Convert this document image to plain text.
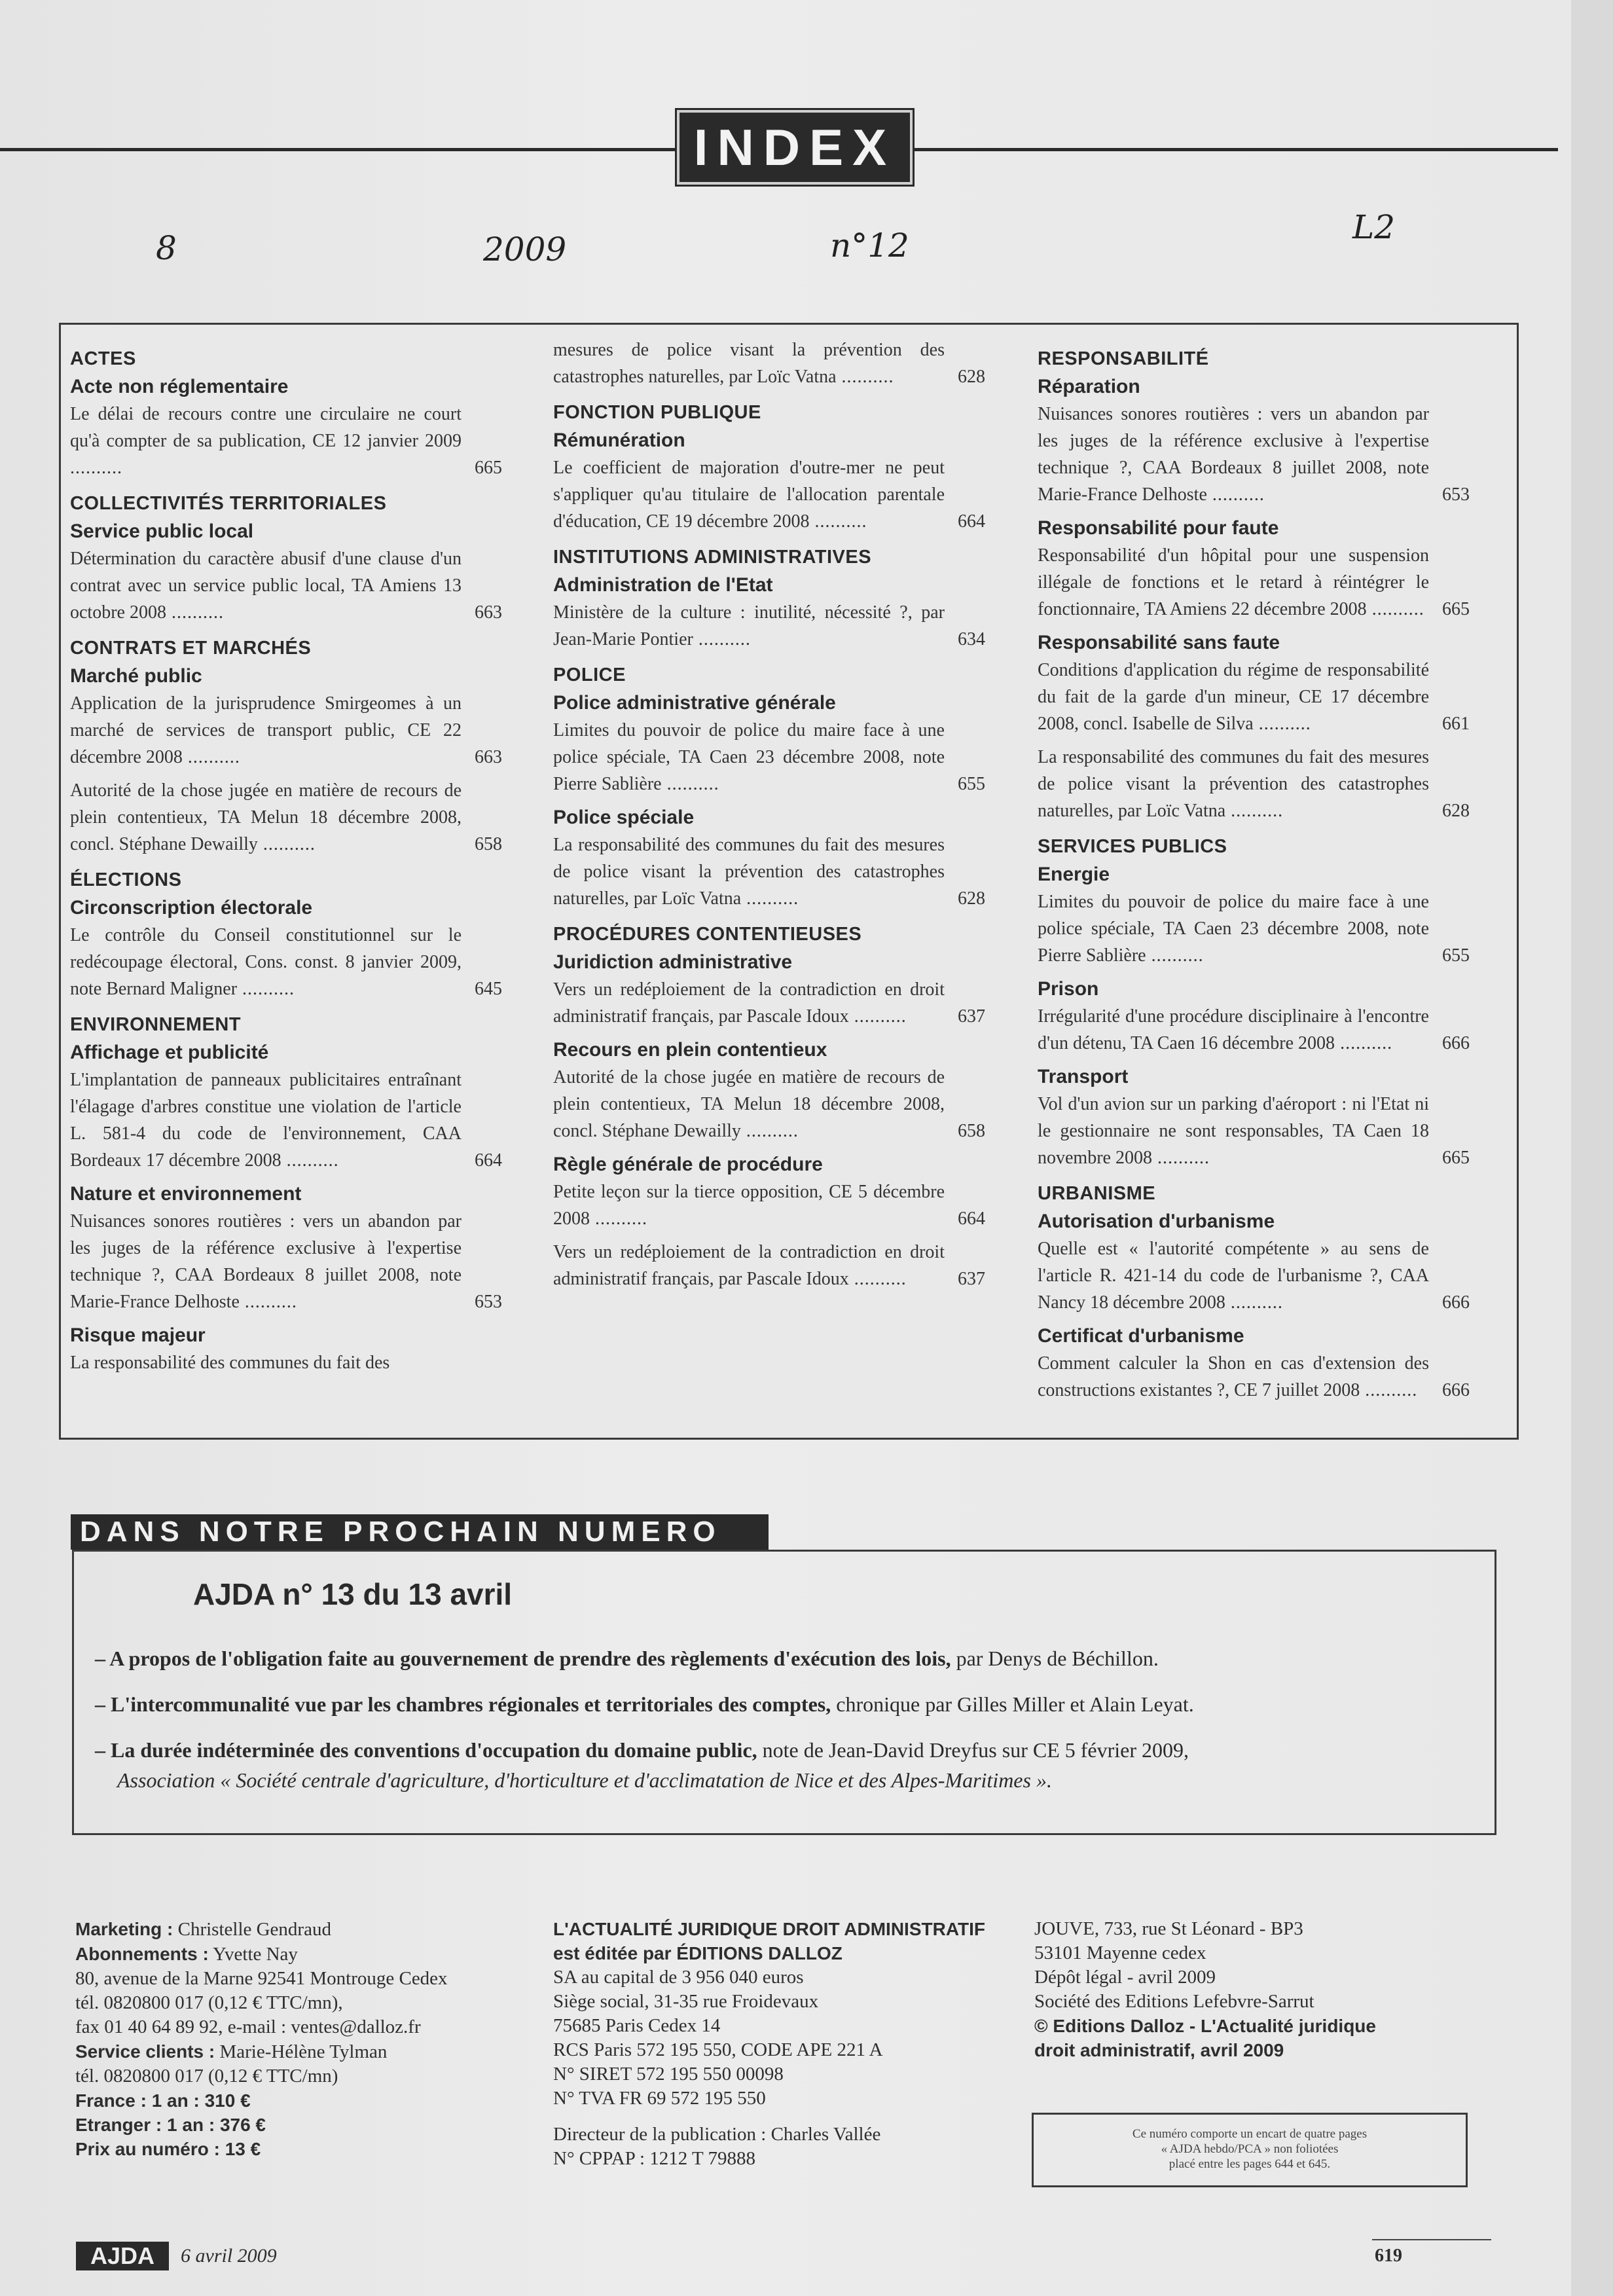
INDEX
8	2009	n°12	L2
ACTES
Acte non réglementaire
Le délai de recours contre une circulaire ne court qu'à compter de sa publication, CE 12 janvier 2009 ..........	665
COLLECTIVITÉS TERRITORIALES
Service public local
Détermination du caractère abusif d'une clause d'un contrat avec un service public local, TA Amiens 13 octobre 2008 ..........	663
CONTRATS ET MARCHÉS
Marché public
Application de la jurisprudence Smirgeomes à un marché de services de transport public, CE 22 décembre 2008 ..........	663
Autorité de la chose jugée en matière de recours de plein contentieux, TA Melun 18 décembre 2008, concl. Stéphane Dewailly ..........	658
ÉLECTIONS
Circonscription électorale
Le contrôle du Conseil constitutionnel sur le redécoupage électoral, Cons. const. 8 janvier 2009, note Bernard Maligner ..........	645
ENVIRONNEMENT
Affichage et publicité
L'implantation de panneaux publicitaires entraînant l'élagage d'arbres constitue une violation de l'article L. 581-4 du code de l'environnement, CAA Bordeaux 17 décembre 2008 ..........	664
Nature et environnement
Nuisances sonores routières : vers un abandon par les juges de la référence exclusive à l'expertise technique ?, CAA Bordeaux 8 juillet 2008, note Marie-France Delhoste ..........	653
Risque majeur
La responsabilité des communes du fait des
mesures de police visant la prévention des catastrophes naturelles, par Loïc Vatna ..........	628
FONCTION PUBLIQUE
Rémunération
Le coefficient de majoration d'outre-mer ne peut s'appliquer qu'au titulaire de l'allocation parentale d'éducation, CE 19 décembre 2008 ..........	664
INSTITUTIONS ADMINISTRATIVES
Administration de l'Etat
Ministère de la culture : inutilité, nécessité ?, par Jean-Marie Pontier ..........	634
POLICE
Police administrative générale
Limites du pouvoir de police du maire face à une police spéciale, TA Caen 23 décembre 2008, note Pierre Sablière ..........	655
Police spéciale
La responsabilité des communes du fait des mesures de police visant la prévention des catastrophes naturelles, par Loïc Vatna ..........	628
PROCÉDURES CONTENTIEUSES
Juridiction administrative
Vers un redéploiement de la contradiction en droit administratif français, par Pascale Idoux ..........	637
Recours en plein contentieux
Autorité de la chose jugée en matière de recours de plein contentieux, TA Melun 18 décembre 2008, concl. Stéphane Dewailly ..........	658
Règle générale de procédure
Petite leçon sur la tierce opposition, CE 5 décembre 2008 ..........	664
Vers un redéploiement de la contradiction en droit administratif français, par Pascale Idoux ..........	637
RESPONSABILITÉ
Réparation
Nuisances sonores routières : vers un abandon par les juges de la référence exclusive à l'expertise technique ?, CAA Bordeaux 8 juillet 2008, note Marie-France Delhoste ..........	653
Responsabilité pour faute
Responsabilité d'un hôpital pour une suspension illégale de fonctions et le retard à réintégrer le fonctionnaire, TA Amiens 22 décembre 2008 .......... 665
Responsabilité sans faute
Conditions d'application du régime de responsabilité du fait de la garde d'un mineur, CE 17 décembre 2008, concl. Isabelle de Silva ..........	661
La responsabilité des communes du fait des mesures de police visant la prévention des catastrophes naturelles, par Loïc Vatna ..........	628
SERVICES PUBLICS
Energie
Limites du pouvoir de police du maire face à une police spéciale, TA Caen 23 décembre 2008, note Pierre Sablière ..........	655
Prison
Irrégularité d'une procédure disciplinaire à l'encontre d'un détenu, TA Caen 16 décembre 2008 ..........	666
Transport
Vol d'un avion sur un parking d'aéroport : ni l'Etat ni le gestionnaire ne sont responsables, TA Caen 18 novembre 2008 ..........	665
URBANISME
Autorisation d'urbanisme
Quelle est « l'autorité compétente » au sens de l'article R. 421-14 du code de l'urbanisme ?, CAA Nancy 18 décembre 2008 ..........	666
Certificat d'urbanisme
Comment calculer la Shon en cas d'extension des constructions existantes ?, CE 7 juillet 2008 .......... 666
DANS NOTRE PROCHAIN NUMERO
AJDA n° 13 du 13 avril
– A propos de l'obligation faite au gouvernement de prendre des règlements d'exécution des lois, par Denys de Béchillon.
– L'intercommunalité vue par les chambres régionales et territoriales des comptes, chronique par Gilles Miller et Alain Leyat.
– La durée indéterminée des conventions d'occupation du domaine public, note de Jean-David Dreyfus sur CE 5 février 2009,
Association « Société centrale d'agriculture, d'horticulture et d'acclimatation de Nice et des Alpes-Maritimes ».
Marketing : Christelle Gendraud
Abonnements : Yvette Nay
80, avenue de la Marne 92541 Montrouge Cedex
tél. 0820800 017 (0,12 € TTC/mn),
fax 01 40 64 89 92, e-mail : ventes@dalloz.fr
Service clients : Marie-Hélène Tylman
tél. 0820800 017 (0,12 € TTC/mn)
France : 1 an : 310 €
Etranger : 1 an : 376 €
Prix au numéro : 13 €
L'ACTUALITÉ JURIDIQUE DROIT ADMINISTRATIF
est éditée par ÉDITIONS DALLOZ
SA au capital de 3 956 040 euros
Siège social, 31-35 rue Froidevaux
75685 Paris Cedex 14
RCS Paris 572 195 550, CODE APE 221 A
N° SIRET 572 195 550 00098
N° TVA FR 69 572 195 550
Directeur de la publication : Charles Vallée
N° CPPAP : 1212 T 79888
JOUVE, 733, rue St Léonard - BP3
53101 Mayenne cedex
Dépôt légal - avril 2009
Société des Editions Lefebvre-Sarrut
© Editions Dalloz - L'Actualité juridique
droit administratif, avril 2009
Ce numéro comporte un encart de quatre pages
« AJDA hebdo/PCA » non foliotées
placé entre les pages 644 et 645.
AJDA	6 avril 2009	619
